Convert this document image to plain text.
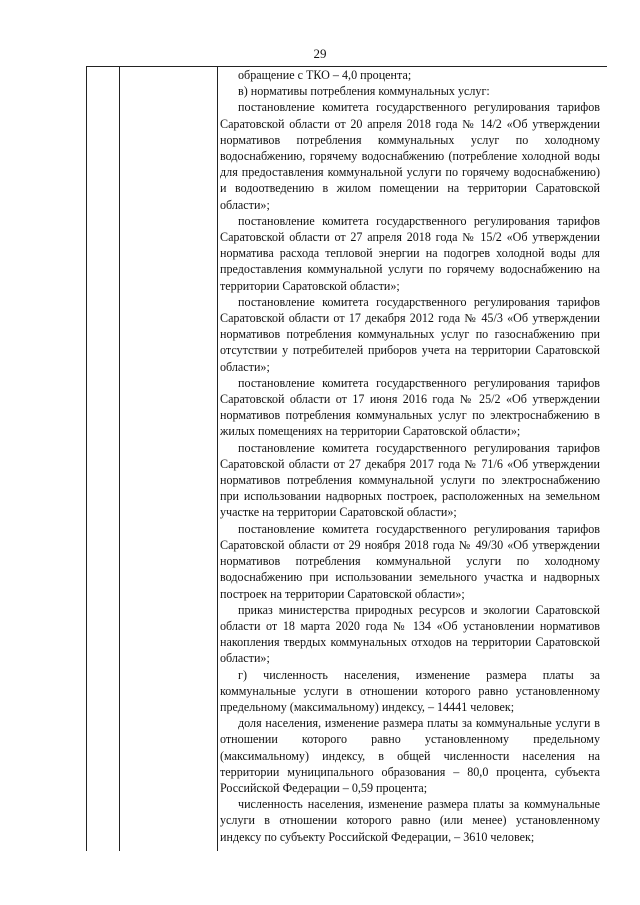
29

обращение с ТКО – 4,0 процента;

в) нормативы потребления коммунальных услуг:

постановление комитета государственного регулирования тарифов Саратовской области от 20 апреля 2018 года № 14/2 «Об утверждении нормативов потребления коммунальных услуг по холодному водоснабжению, горячему водоснабжению (потребление холодной воды для предоставления коммунальной услуги по горячему водоснабжению) и водоотведению в жилом помещении на территории Саратовской области»;

постановление комитета государственного регулирования тарифов Саратовской области от 27 апреля 2018 года № 15/2 «Об утверждении норматива расхода тепловой энергии на подогрев холодной воды для предоставления коммунальной услуги по горячему водоснабжению на территории Саратовской области»;

постановление комитета государственного регулирования тарифов Саратовской области от 17 декабря 2012 года № 45/3 «Об утверждении нормативов потребления коммунальных услуг по газоснабжению при отсутствии у потребителей приборов учета на территории Саратовской области»;

постановление комитета государственного регулирования тарифов Саратовской области от 17 июня 2016 года № 25/2 «Об утверждении нормативов потребления коммунальных услуг по электроснабжению в жилых помещениях на территории Саратовской области»;

постановление комитета государственного регулирования тарифов Саратовской области от 27 декабря 2017 года № 71/6 «Об утверждении нормативов потребления коммунальной услуги по электроснабжению при использовании надворных построек, расположенных на земельном участке на территории Саратовской области»;

постановление комитета государственного регулирования тарифов Саратовской области от 29 ноября 2018 года № 49/30 «Об утверждении нормативов потребления коммунальной услуги по холодному водоснабжению при использовании земельного участка и надворных построек на территории Саратовской области»;

приказ министерства природных ресурсов и экологии Саратовской области от 18 марта 2020 года № 134 «Об установлении нормативов накопления твердых коммунальных отходов на территории Саратовской области»;

г) численность населения, изменение размера платы за коммунальные услуги в отношении которого равно установленному предельному (максимальному) индексу, – 14441 человек;

доля населения, изменение размера платы за коммунальные услуги в отношении которого равно установленному предельному (максимальному) индексу, в общей численности населения на территории муниципального образования – 80,0 процента, субъекта Российской Федерации – 0,59 процента;

численность населения, изменение размера платы за коммунальные услуги в отношении которого равно (или менее) установленному индексу по субъекту Российской Федерации, – 3610 человек;
